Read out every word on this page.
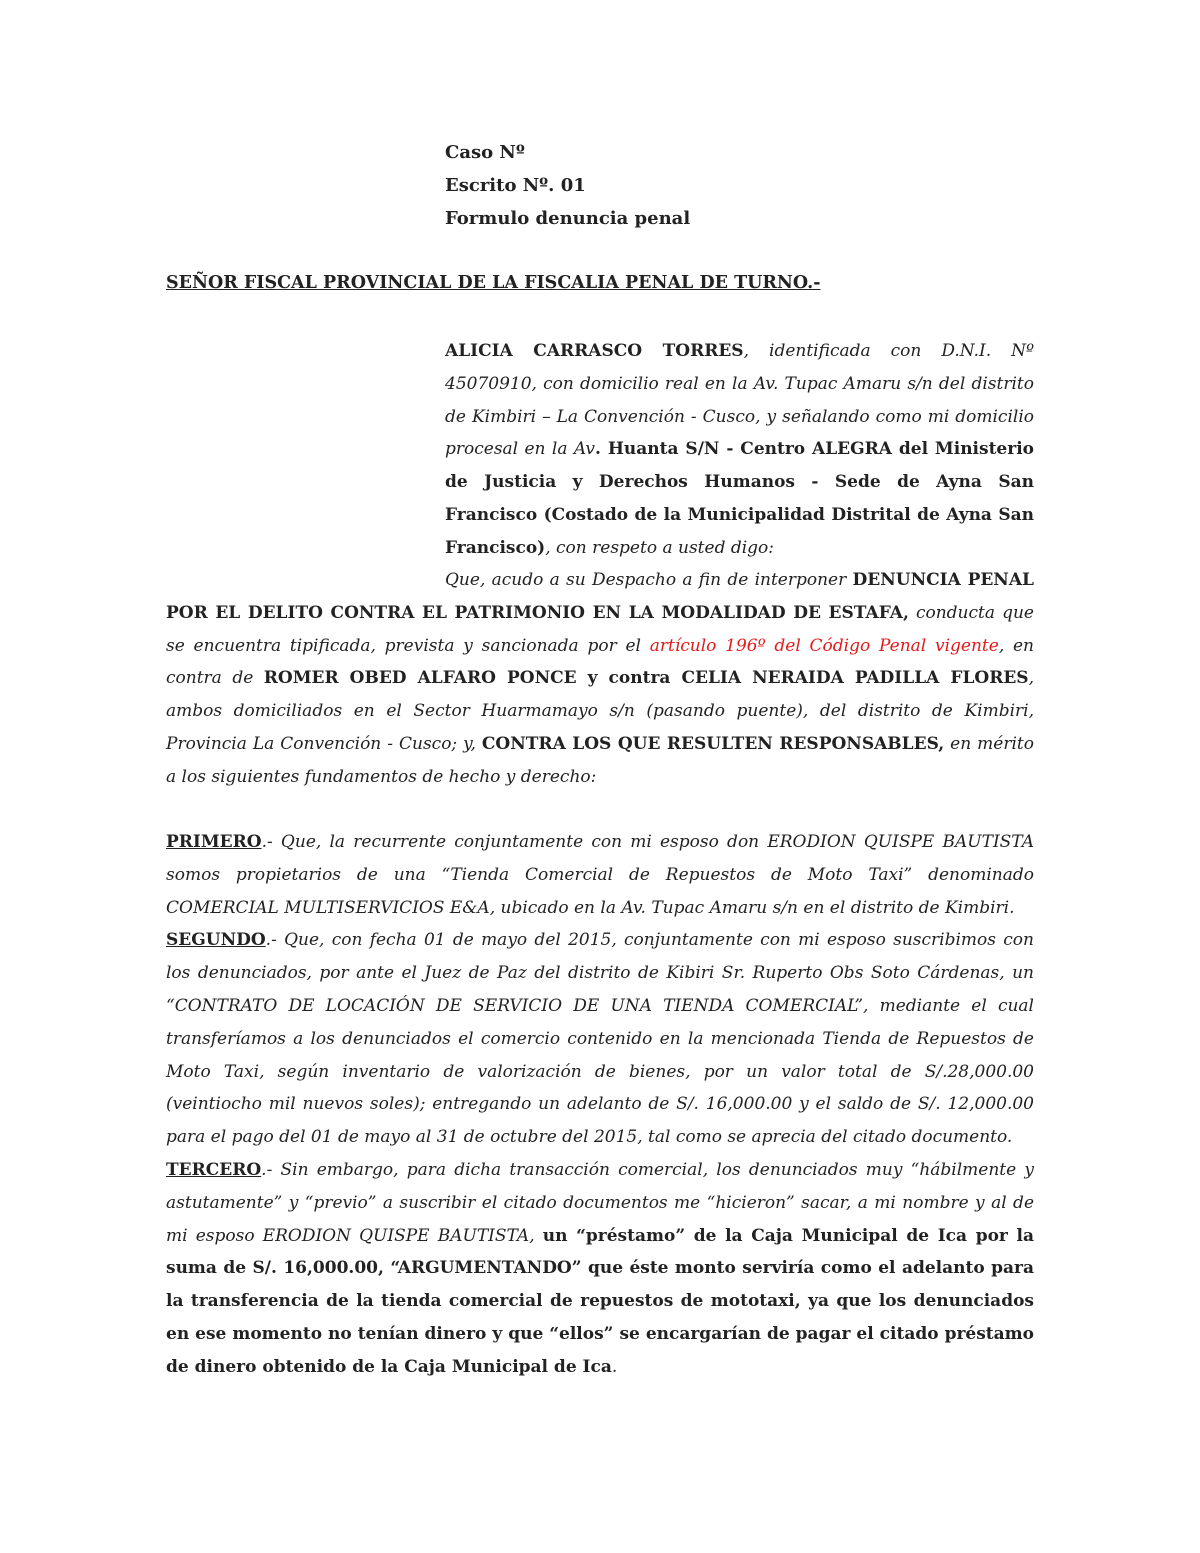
Caso Nº
Escrito Nº. 01
Formulo denuncia penal
SEÑOR FISCAL PROVINCIAL DE LA FISCALIA PENAL DE TURNO.-
ALICIA CARRASCO TORRES, identificada con D.N.I. Nº 45070910, con domicilio real en la Av. Tupac Amaru s/n del distrito de Kimbiri – La Convención - Cusco, y señalando como mi domicilio procesal en la Av. Huanta S/N - Centro ALEGRA del Ministerio de Justicia y Derechos Humanos - Sede de Ayna San Francisco (Costado de la Municipalidad Distrital de Ayna San Francisco), con respeto a usted digo:
Que, acudo a su Despacho a fin de interponer DENUNCIA PENAL POR EL DELITO CONTRA EL PATRIMONIO EN LA MODALIDAD DE ESTAFA, conducta que se encuentra tipificada, prevista y sancionada por el artículo 196º del Código Penal vigente, en contra de ROMER OBED ALFARO PONCE y contra CELIA NERAIDA PADILLA FLORES, ambos domiciliados en el Sector Huarmamayo s/n (pasando puente), del distrito de Kimbiri, Provincia La Convención - Cusco; y, CONTRA LOS QUE RESULTEN RESPONSABLES, en mérito a los siguientes fundamentos de hecho y derecho:

PRIMERO.- Que, la recurrente conjuntamente con mi esposo don ERODION QUISPE BAUTISTA somos propietarios de una “Tienda Comercial de Repuestos de Moto Taxi” denominado COMERCIAL MULTISERVICIOS E&A, ubicado en la Av. Tupac Amaru s/n en el distrito de Kimbiri.

SEGUNDO.- Que, con fecha 01 de mayo del 2015, conjuntamente con mi esposo suscribimos con los denunciados, por ante el Juez de Paz del distrito de Kibiri Sr. Ruperto Obs Soto Cárdenas, un “CONTRATO DE LOCACIÓN DE SERVICIO DE UNA TIENDA COMERCIAL”, mediante el cual transferíamos a los denunciados el comercio contenido en la mencionada Tienda de Repuestos de Moto Taxi, según inventario de valorización de bienes, por un valor total de S/.28,000.00 (veintiocho mil nuevos soles); entregando un adelanto de S/. 16,000.00 y el saldo de S/. 12,000.00 para el pago del 01 de mayo al 31 de octubre del 2015, tal como se aprecia del citado documento.

TERCERO.- Sin embargo, para dicha transacción comercial, los denunciados muy “hábilmente y astutamente” y “previo” a suscribir el citado documentos me “hicieron” sacar, a mi nombre y al de mi esposo ERODION QUISPE BAUTISTA, un “préstamo” de la Caja Municipal de Ica por la suma de S/. 16,000.00, “ARGUMENTANDO” que éste monto serviría como el adelanto para la transferencia de la tienda comercial de repuestos de mototaxi, ya que los denunciados en ese momento no tenían dinero y que “ellos” se encargarían de pagar el citado préstamo de dinero obtenido de la Caja Municipal de Ica.
